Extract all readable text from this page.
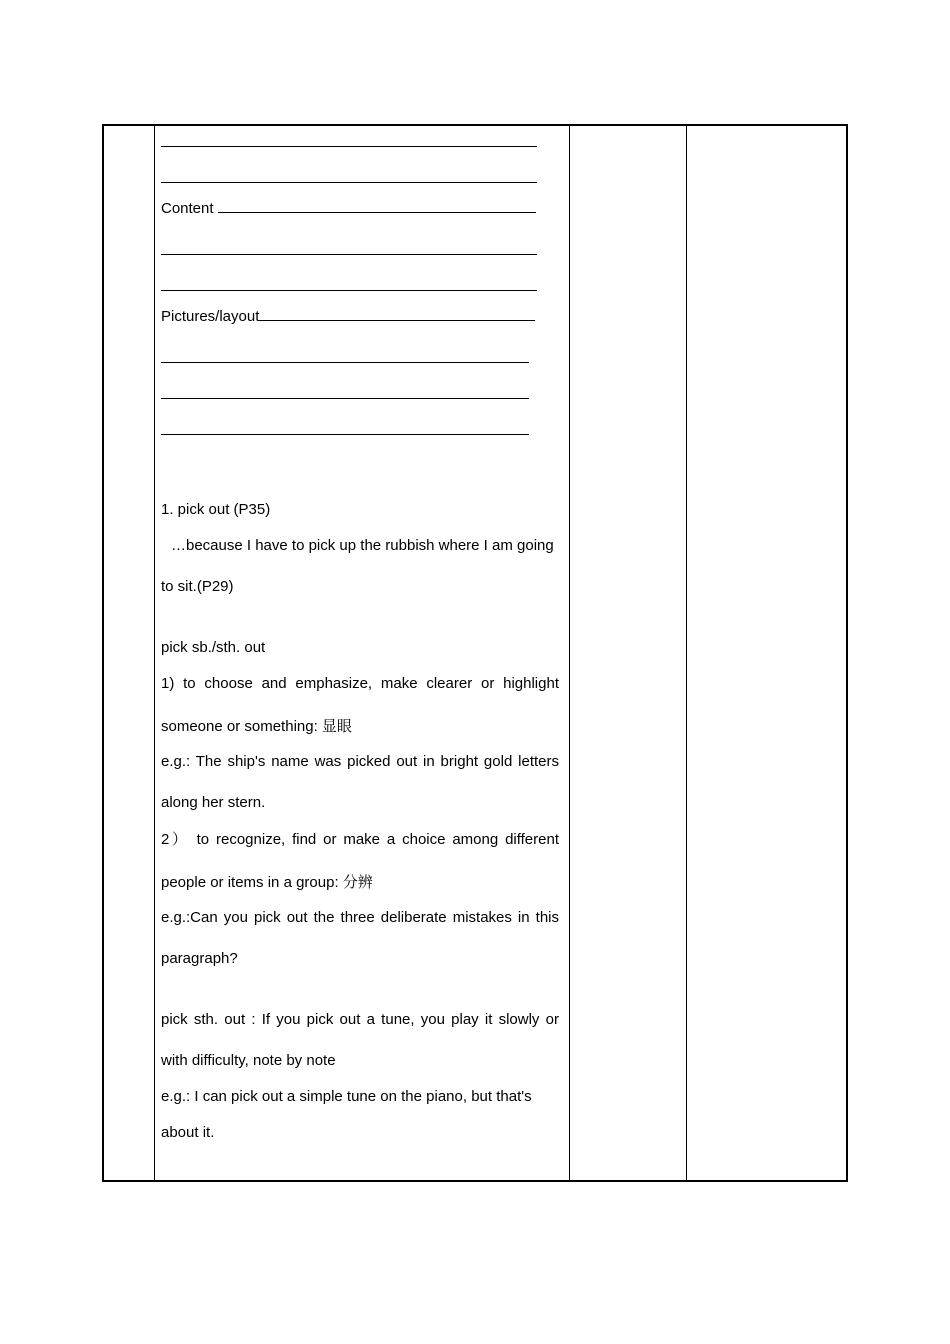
Content
Pictures/layout
1. pick out (P35)
…because I have to pick up the rubbish where I am going
to sit.(P29)
pick sb./sth. out
1) to choose and emphasize, make clearer or highlight
someone or something: 显眼
e.g.: The ship's name was picked out in bright gold letters
along her stern.
2） to recognize, find or make a choice among different
people or items in a group: 分辨
e.g.:Can you pick out the three deliberate mistakes in this
paragraph?
pick sth. out : If you pick out a tune, you play it slowly or
with difficulty, note by note
e.g.: I can pick out a simple tune on the piano, but that's
about it.
